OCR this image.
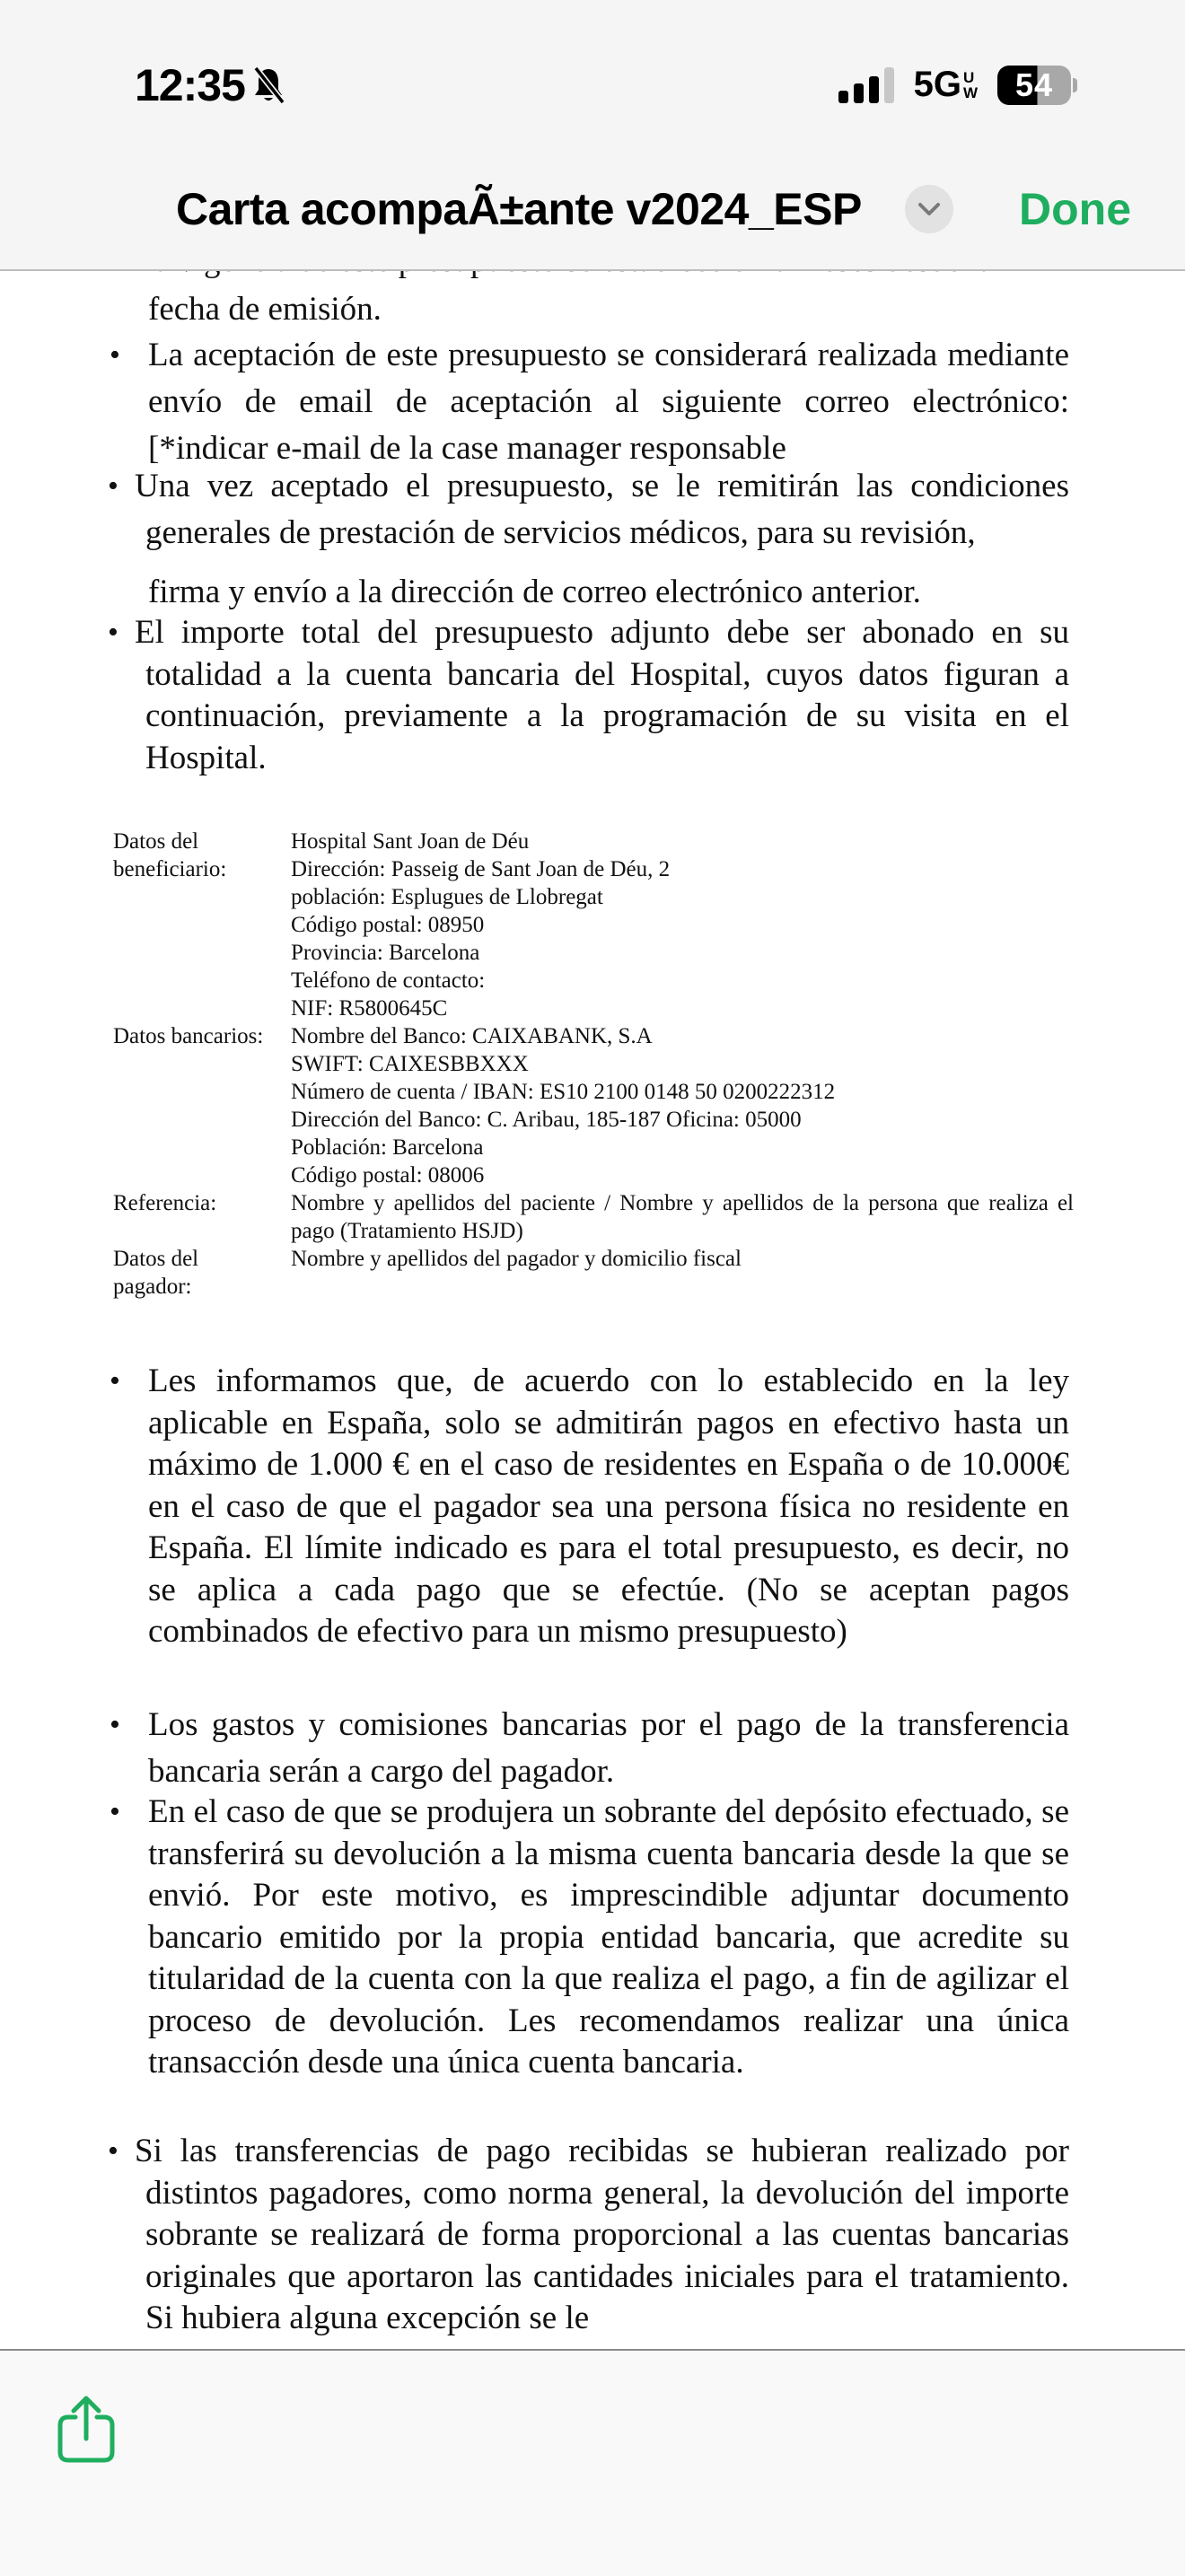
fecha de emisión.
• La aceptación de este presupuesto se considerará realizada mediante envío de email de aceptación al siguiente correo electrónico: [*indicar e-mail de la case manager responsable
• Una vez aceptado el presupuesto, se le remitirán las condiciones generales de prestación de servicios médicos, para su revisión,
firma y envío a la dirección de correo electrónico anterior.
• El importe total del presupuesto adjunto debe ser abonado en su totalidad a la cuenta bancaria del Hospital, cuyos datos figuran a continuación, previamente a la programación de su visita en el Hospital.
Datos del beneficiario:
Hospital Sant Joan de Déu
Dirección: Passeig de Sant Joan de Déu, 2
población: Esplugues de Llobregat
Código postal: 08950
Provincia: Barcelona
Teléfono de contacto:
NIF: R5800645C
Datos bancarios:	Nombre del Banco: CAIXABANK, S.A
SWIFT: CAIXESBBXXX
Número de cuenta / IBAN: ES10 2100 0148 50 0200222312
Dirección del Banco: C. Aribau, 185-187 Oficina: 05000
Población: Barcelona
Código postal: 08006
Referencia:	Nombre y apellidos del paciente / Nombre y apellidos de la persona que realiza el pago (Tratamiento HSJD)
Datos del pagador:
Nombre y apellidos del pagador y domicilio fiscal
• Les informamos que, de acuerdo con lo establecido en la ley aplicable en España, solo se admitirán pagos en efectivo hasta un máximo de 1.000 € en el caso de residentes en España o de 10.000€ en el caso de que el pagador sea una persona física no residente en España. El límite indicado es para el total presupuesto, es decir, no se aplica a cada pago que se efectúe. (No se aceptan pagos combinados de efectivo para un mismo presupuesto)
• Los gastos y comisiones bancarias por el pago de la transferencia bancaria serán a cargo del pagador.
• En el caso de que se produjera un sobrante del depósito efectuado, se transferirá su devolución a la misma cuenta bancaria desde la que se envió. Por este motivo, es imprescindible adjuntar documento bancario emitido por la propia entidad bancaria, que acredite su titularidad de la cuenta con la que realiza el pago, a fin de agilizar el proceso de devolución. Les recomendamos realizar una única transacción desde una única cuenta bancaria.
• Si las transferencias de pago recibidas se hubieran realizado por distintos pagadores, como norma general, la devolución del importe sobrante se realizará de forma proporcional a las cuentas bancarias originales que aportaron las cantidades iniciales para el tratamiento. Si hubiera alguna excepción se le
12:35	5G U
W	54
Carta acompaÃ±ante v2024_ESP	Done
